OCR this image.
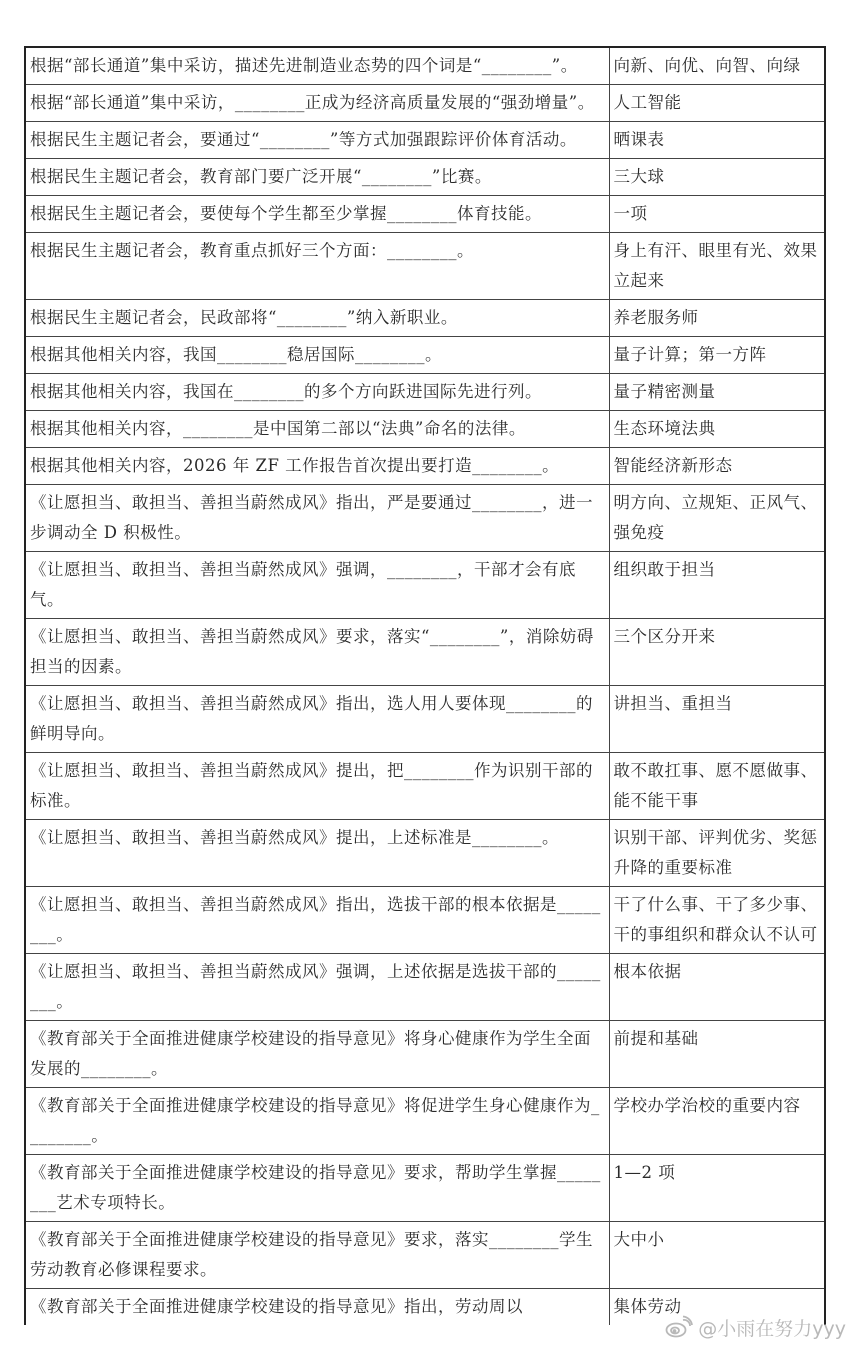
根据“部长通道”集中采访，描述先进制造业态势的四个词是“________”。	向新、向优、向智、向绿
根据“部长通道”集中采访，________正成为经济高质量发展的“强劲增量”。	人工智能
根据民生主题记者会，要通过“________”等方式加强跟踪评价体育活动。	晒课表
根据民生主题记者会，教育部门要广泛开展“________”比赛。	三大球
根据民生主题记者会，要使每个学生都至少掌握________体育技能。	一项
根据民生主题记者会，教育重点抓好三个方面：________。	身上有汗、眼里有光、效果立起来
根据民生主题记者会，民政部将“________”纳入新职业。	养老服务师
根据其他相关内容，我国________稳居国际________。	量子计算；第一方阵
根据其他相关内容，我国在________的多个方向跃进国际先进行列。	量子精密测量
根据其他相关内容，________是中国第二部以“法典”命名的法律。	生态环境法典
根据其他相关内容，2026 年 ZF 工作报告首次提出要打造________。	智能经济新形态
《让愿担当、敢担当、善担当蔚然成风》指出，严是要通过________，进一步调动全 D 积极性。	明方向、立规矩、正风气、强免疫
《让愿担当、敢担当、善担当蔚然成风》强调，________，干部才会有底气。	组织敢于担当
《让愿担当、敢担当、善担当蔚然成风》要求，落实“________”，消除妨碍担当的因素。	三个区分开来
《让愿担当、敢担当、善担当蔚然成风》指出，选人用人要体现________的鲜明导向。	讲担当、重担当
《让愿担当、敢担当、善担当蔚然成风》提出，把________作为识别干部的标准。	敢不敢扛事、愿不愿做事、能不能干事
《让愿担当、敢担当、善担当蔚然成风》提出，上述标准是________。	识别干部、评判优劣、奖惩升降的重要标准
《让愿担当、敢担当、善担当蔚然成风》指出，选拔干部的根本依据是________。	干了什么事、干了多少事、干的事组织和群众认不认可
《让愿担当、敢担当、善担当蔚然成风》强调，上述依据是选拔干部的________。	根本依据
《教育部关于全面推进健康学校建设的指导意见》将身心健康作为学生全面发展的________。	前提和基础
《教育部关于全面推进健康学校建设的指导意见》将促进学生身心健康作为________。	学校办学治校的重要内容
《教育部关于全面推进健康学校建设的指导意见》要求，帮助学生掌握________艺术专项特长。	1—2 项
《教育部关于全面推进健康学校建设的指导意见》要求，落实________学生劳动教育必修课程要求。	大中小
《教育部关于全面推进健康学校建设的指导意见》指出，劳动周以	集体劳动
@小雨在努力yyy
